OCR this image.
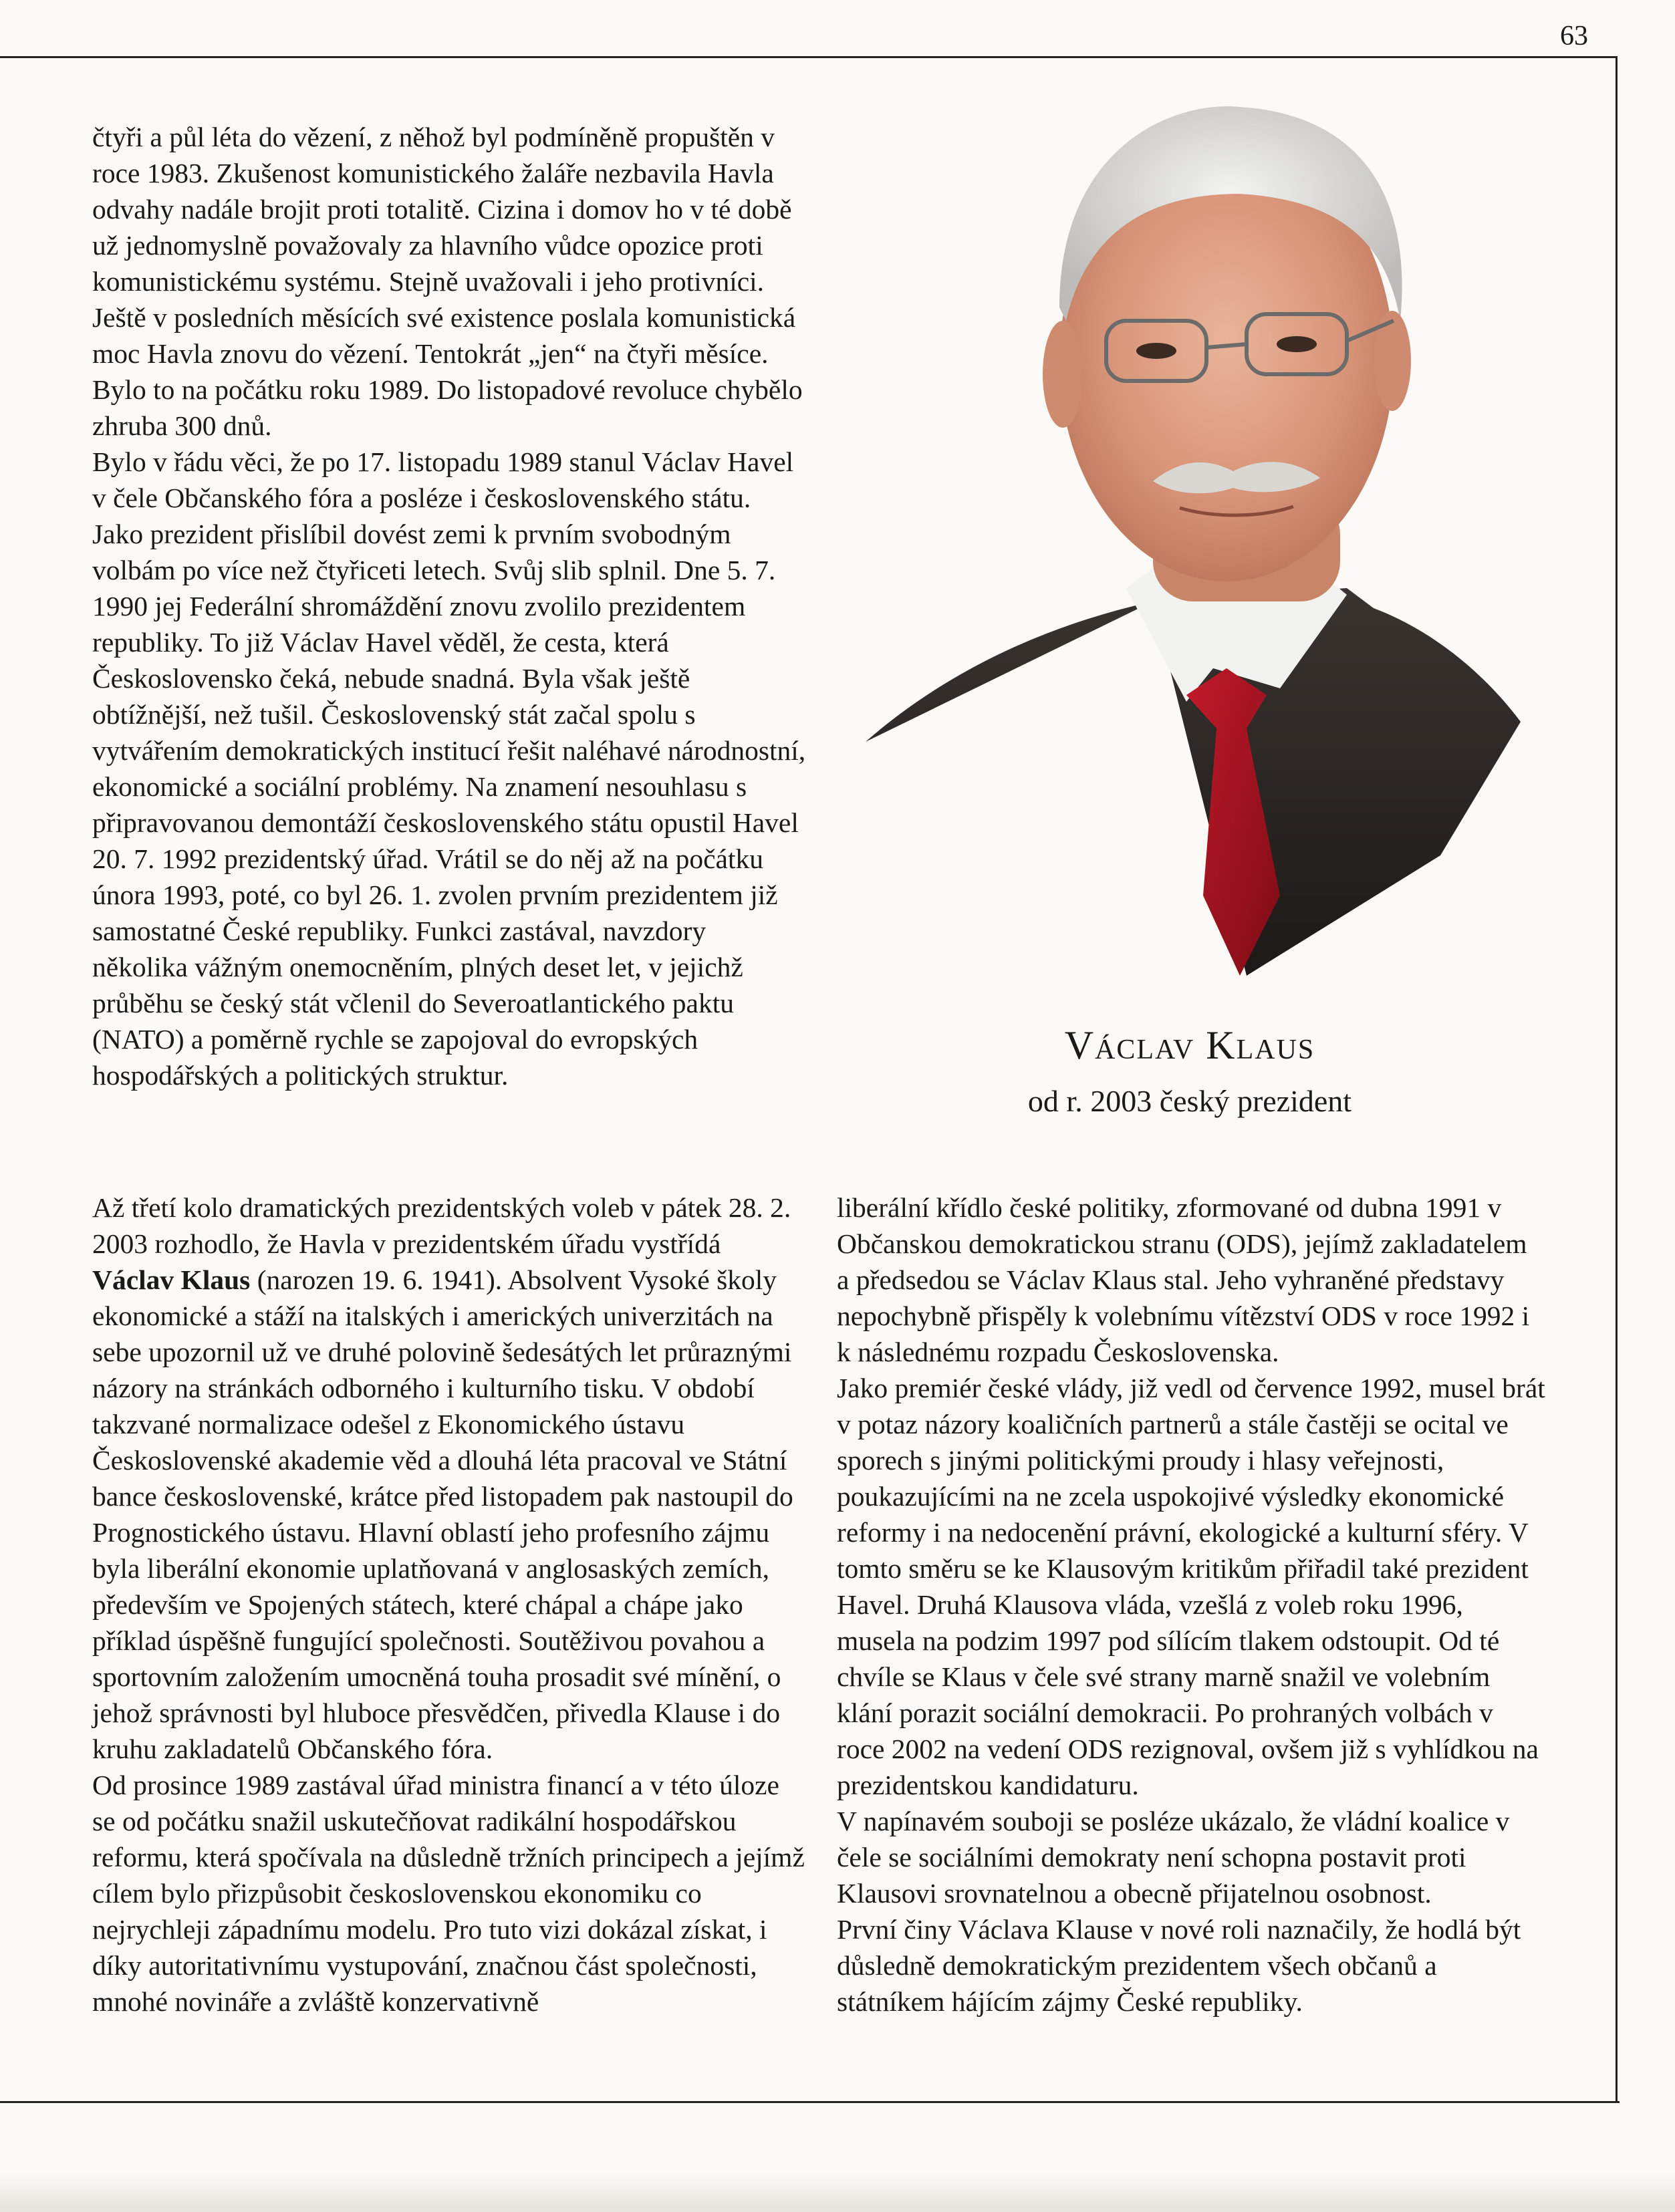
63

čtyři a půl léta do vězení, z něhož byl podmíněně propuštěn v roce 1983. Zkušenost komunistického žaláře nezbavila Havla odvahy nadále brojit proti totalitě. Cizina i domov ho v té době už jednomyslně považovaly za hlavního vůdce opozice proti komunistickému systému. Stejně uvažovali i jeho protivníci. Ještě v posledních měsících své existence poslala komunistická moc Havla znovu do vězení. Tentokrát „jen“ na čtyři měsíce. Bylo to na počátku roku 1989. Do listopadové revoluce chybělo zhruba 300 dnů.

Bylo v řádu věci, že po 17. listopadu 1989 stanul Václav Havel v čele Občanského fóra a posléze i československého státu. Jako prezident přislíbil dovést zemi k prvním svobodným volbám po více než čtyřiceti letech. Svůj slib splnil. Dne 5. 7. 1990 jej Federální shromáždění znovu zvolilo prezidentem republiky. To již Václav Havel věděl, že cesta, která Československo čeká, nebude snadná. Byla však ještě obtížnější, než tušil. Československý stát začal spolu s vytvářením demokratických institucí řešit naléhavé národnostní, ekonomické a sociální problémy. Na znamení nesouhlasu s připravovanou demontáží československého státu opustil Havel 20. 7. 1992 prezidentský úřad. Vrátil se do něj až na počátku února 1993, poté, co byl 26. 1. zvolen prvním prezidentem již samostatné České republiky. Funkci zastával, navzdory několika vážným onemocněním, plných deset let, v jejichž průběhu se český stát včlenil do Severoatlantického paktu (NATO) a poměrně rychle se zapojoval do evropských hospodářských a politických struktur.

Václav Klaus
od r. 2003 český prezident

Až třetí kolo dramatických prezidentských voleb v pátek 28. 2. 2003 rozhodlo, že Havla v prezidentském úřadu vystřídá Václav Klaus (narozen 19. 6. 1941). Absolvent Vysoké školy ekonomické a stáží na italských i amerických univerzitách na sebe upozornil už ve druhé polovině šedesátých let průraznými názory na stránkách odborného i kulturního tisku. V období takzvané normalizace odešel z Ekonomického ústavu Československé akademie věd a dlouhá léta pracoval ve Státní bance československé, krátce před listopadem pak nastoupil do Prognostického ústavu. Hlavní oblastí jeho profesního zájmu byla liberální ekonomie uplatňovaná v anglosaských zemích, především ve Spojených státech, které chápal a chápe jako příklad úspěšně fungující společnosti. Soutěživou povahou a sportovním založením umocněná touha prosadit své mínění, o jehož správnosti byl hluboce přesvědčen, přivedla Klause i do kruhu zakladatelů Občanského fóra.

Od prosince 1989 zastával úřad ministra financí a v této úloze se od počátku snažil uskutečňovat radikální hospodářskou reformu, která spočívala na důsledně tržních principech a jejímž cílem bylo přizpůsobit československou ekonomiku co nejrychleji západnímu modelu. Pro tuto vizi dokázal získat, i díky autoritativnímu vystupování, značnou část společnosti, mnohé novináře a zvláště konzervativně

liberální křídlo české politiky, zformované od dubna 1991 v Občanskou demokratickou stranu (ODS), jejímž zakladatelem a předsedou se Václav Klaus stal. Jeho vyhraněné představy nepochybně přispěly k volebnímu vítězství ODS v roce 1992 i k následnému rozpadu Československa.

Jako premiér české vlády, již vedl od července 1992, musel brát v potaz názory koaličních partnerů a stále častěji se ocital ve sporech s jinými politickými proudy i hlasy veřejnosti, poukazujícími na ne zcela uspokojivé výsledky ekonomické reformy i na nedocenění právní, ekologické a kulturní sféry. V tomto směru se ke Klausovým kritikům přiřadil také prezident Havel. Druhá Klausova vláda, vzešlá z voleb roku 1996, musela na podzim 1997 pod sílícím tlakem odstoupit. Od té chvíle se Klaus v čele své strany marně snažil ve volebním klání porazit sociální demokracii. Po prohraných volbách v roce 2002 na vedení ODS rezignoval, ovšem již s vyhlídkou na prezidentskou kandidaturu.

V napínavém souboji se posléze ukázalo, že vládní koalice v čele se sociálními demokraty není schopna postavit proti Klausovi srovnatelnou a obecně přijatelnou osobnost.

První činy Václava Klause v nové roli naznačily, že hodlá být důsledně demokratickým prezidentem všech občanů a státníkem hájícím zájmy České republiky.
